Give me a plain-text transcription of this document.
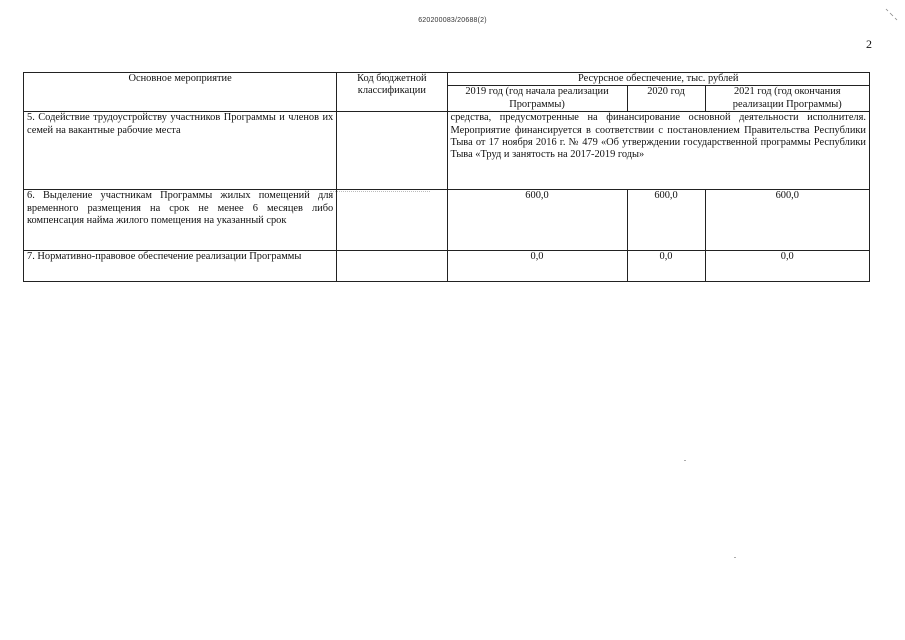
620200083/20688(2)
2
Основное мероприятие	Код бюджетной классификации	Ресурсное обеспечение, тыс. рублей		
		2019 год (год начала реализации Программы)	2020 год	2021 год (год окончания реализации Программы)
5. Содействие трудоустройству участников Программы и членов их семей на вакантные рабочие места		средства, предусмотренные на финансирование основной деятельности исполнителя. Мероприятие финансируется в соответствии с постановлением Правительства Республики Тыва от 17 ноября 2016 г. № 479 «Об утверждении государственной программы Республики Тыва «Труд и занятость на 2017-2019 годы»		
6. Выделение участникам Программы жилых помещений для временного размещения на срок не менее 6 месяцев либо компенсация найма жилого помещения на указанный срок		600,0	600,0	600,0
7. Нормативно-правовое обеспечение реализации Программы		0,0	0,0	0,0
